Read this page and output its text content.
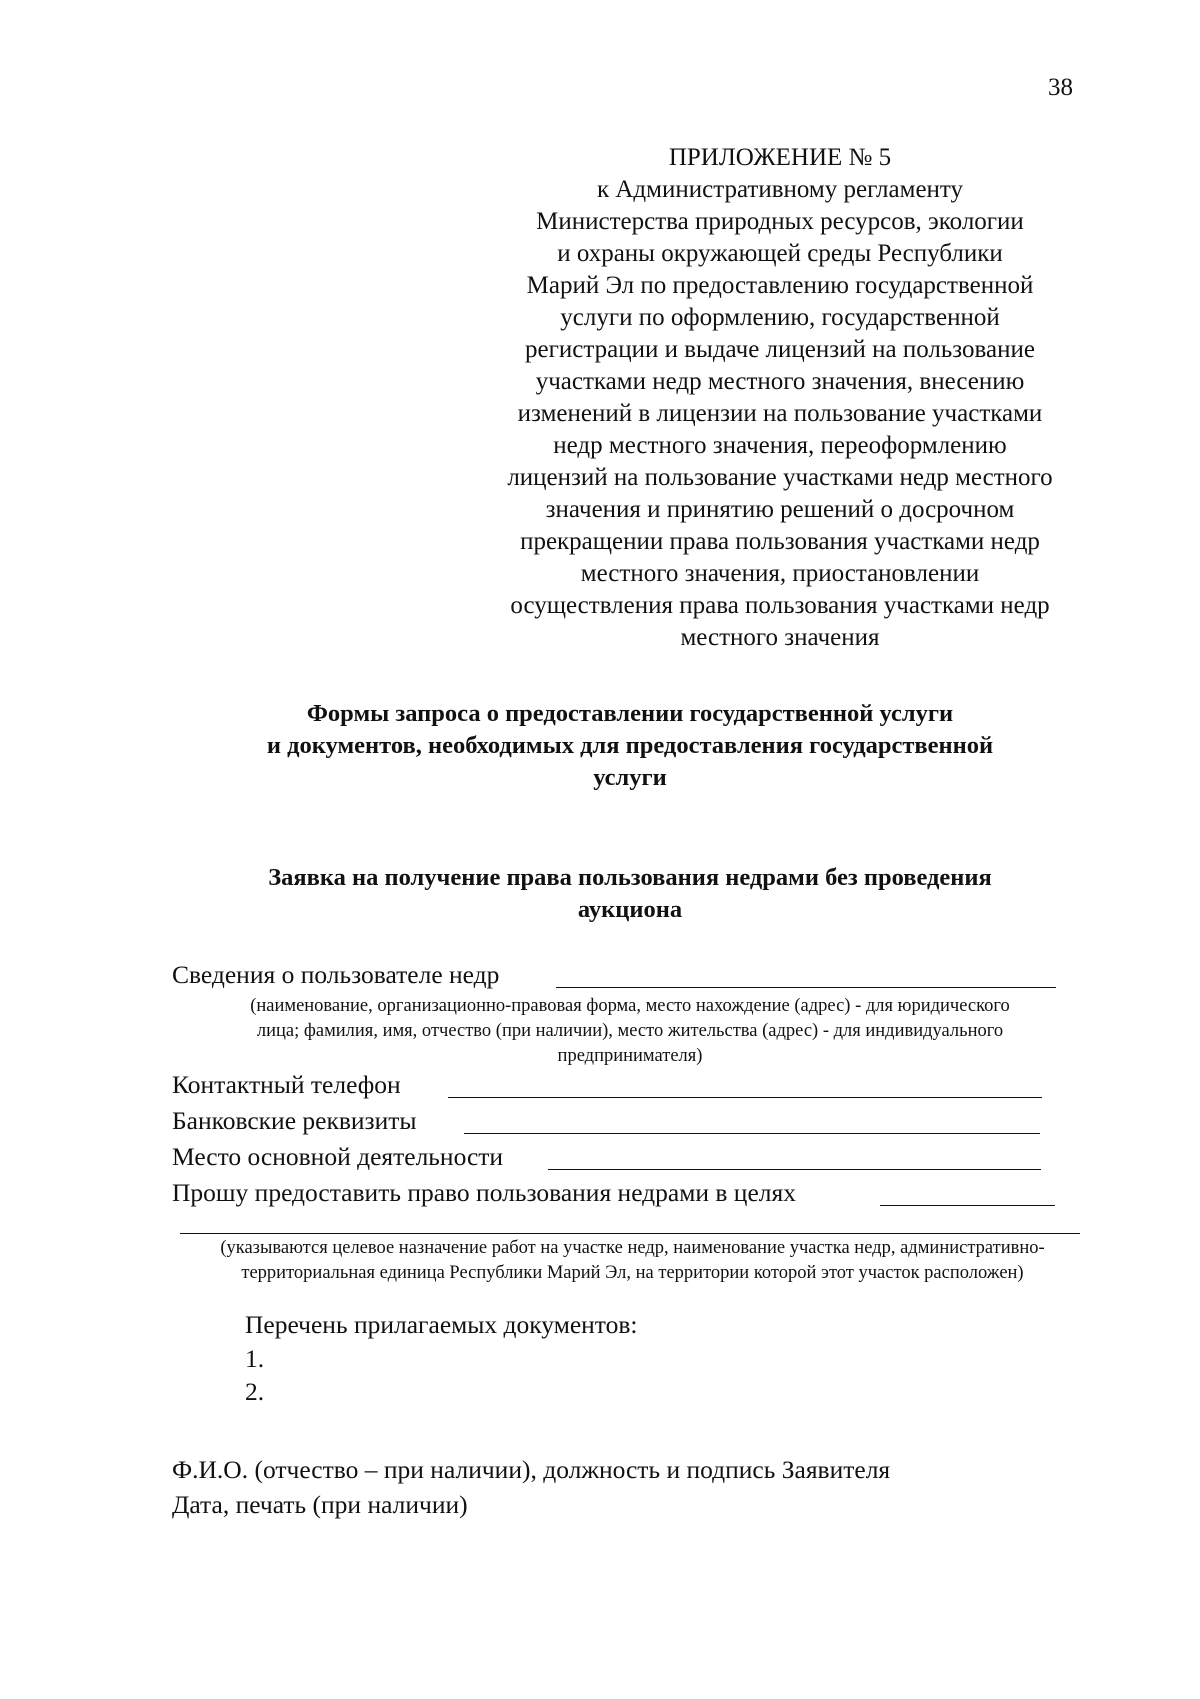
38
ПРИЛОЖЕНИЕ № 5
к Административному регламенту
Министерства природных ресурсов, экологии
и охраны окружающей среды Республики
Марий Эл по предоставлению государственной
услуги по оформлению, государственной
регистрации и выдаче лицензий на пользование
участками недр местного значения, внесению
изменений в лицензии на пользование участками
недр местного значения, переоформлению
лицензий на пользование участками недр местного
значения и принятию решений о досрочном
прекращении права пользования участками недр
местного значения, приостановлении
осуществления права пользования участками недр
местного значения
Формы запроса о предоставлении государственной услуги
и документов, необходимых для предоставления государственной
услуги
Заявка на получение права пользования недрами без проведения
аукциона
Сведения о пользователе недр
(наименование, организационно-правовая форма, место нахождение (адрес) - для юридического
лица; фамилия, имя, отчество (при наличии), место жительства (адрес) - для индивидуального
предпринимателя)
Контактный телефон
Банковские реквизиты
Место основной деятельности
Прошу предоставить право пользования недрами в целях
(указываются целевое назначение работ на участке недр, наименование участка недр, административно-
территориальная единица Республики Марий Эл, на территории которой этот участок расположен)
Перечень прилагаемых документов:
1.
2.
Ф.И.О. (отчество – при наличии), должность и подпись Заявителя
Дата, печать (при наличии)
